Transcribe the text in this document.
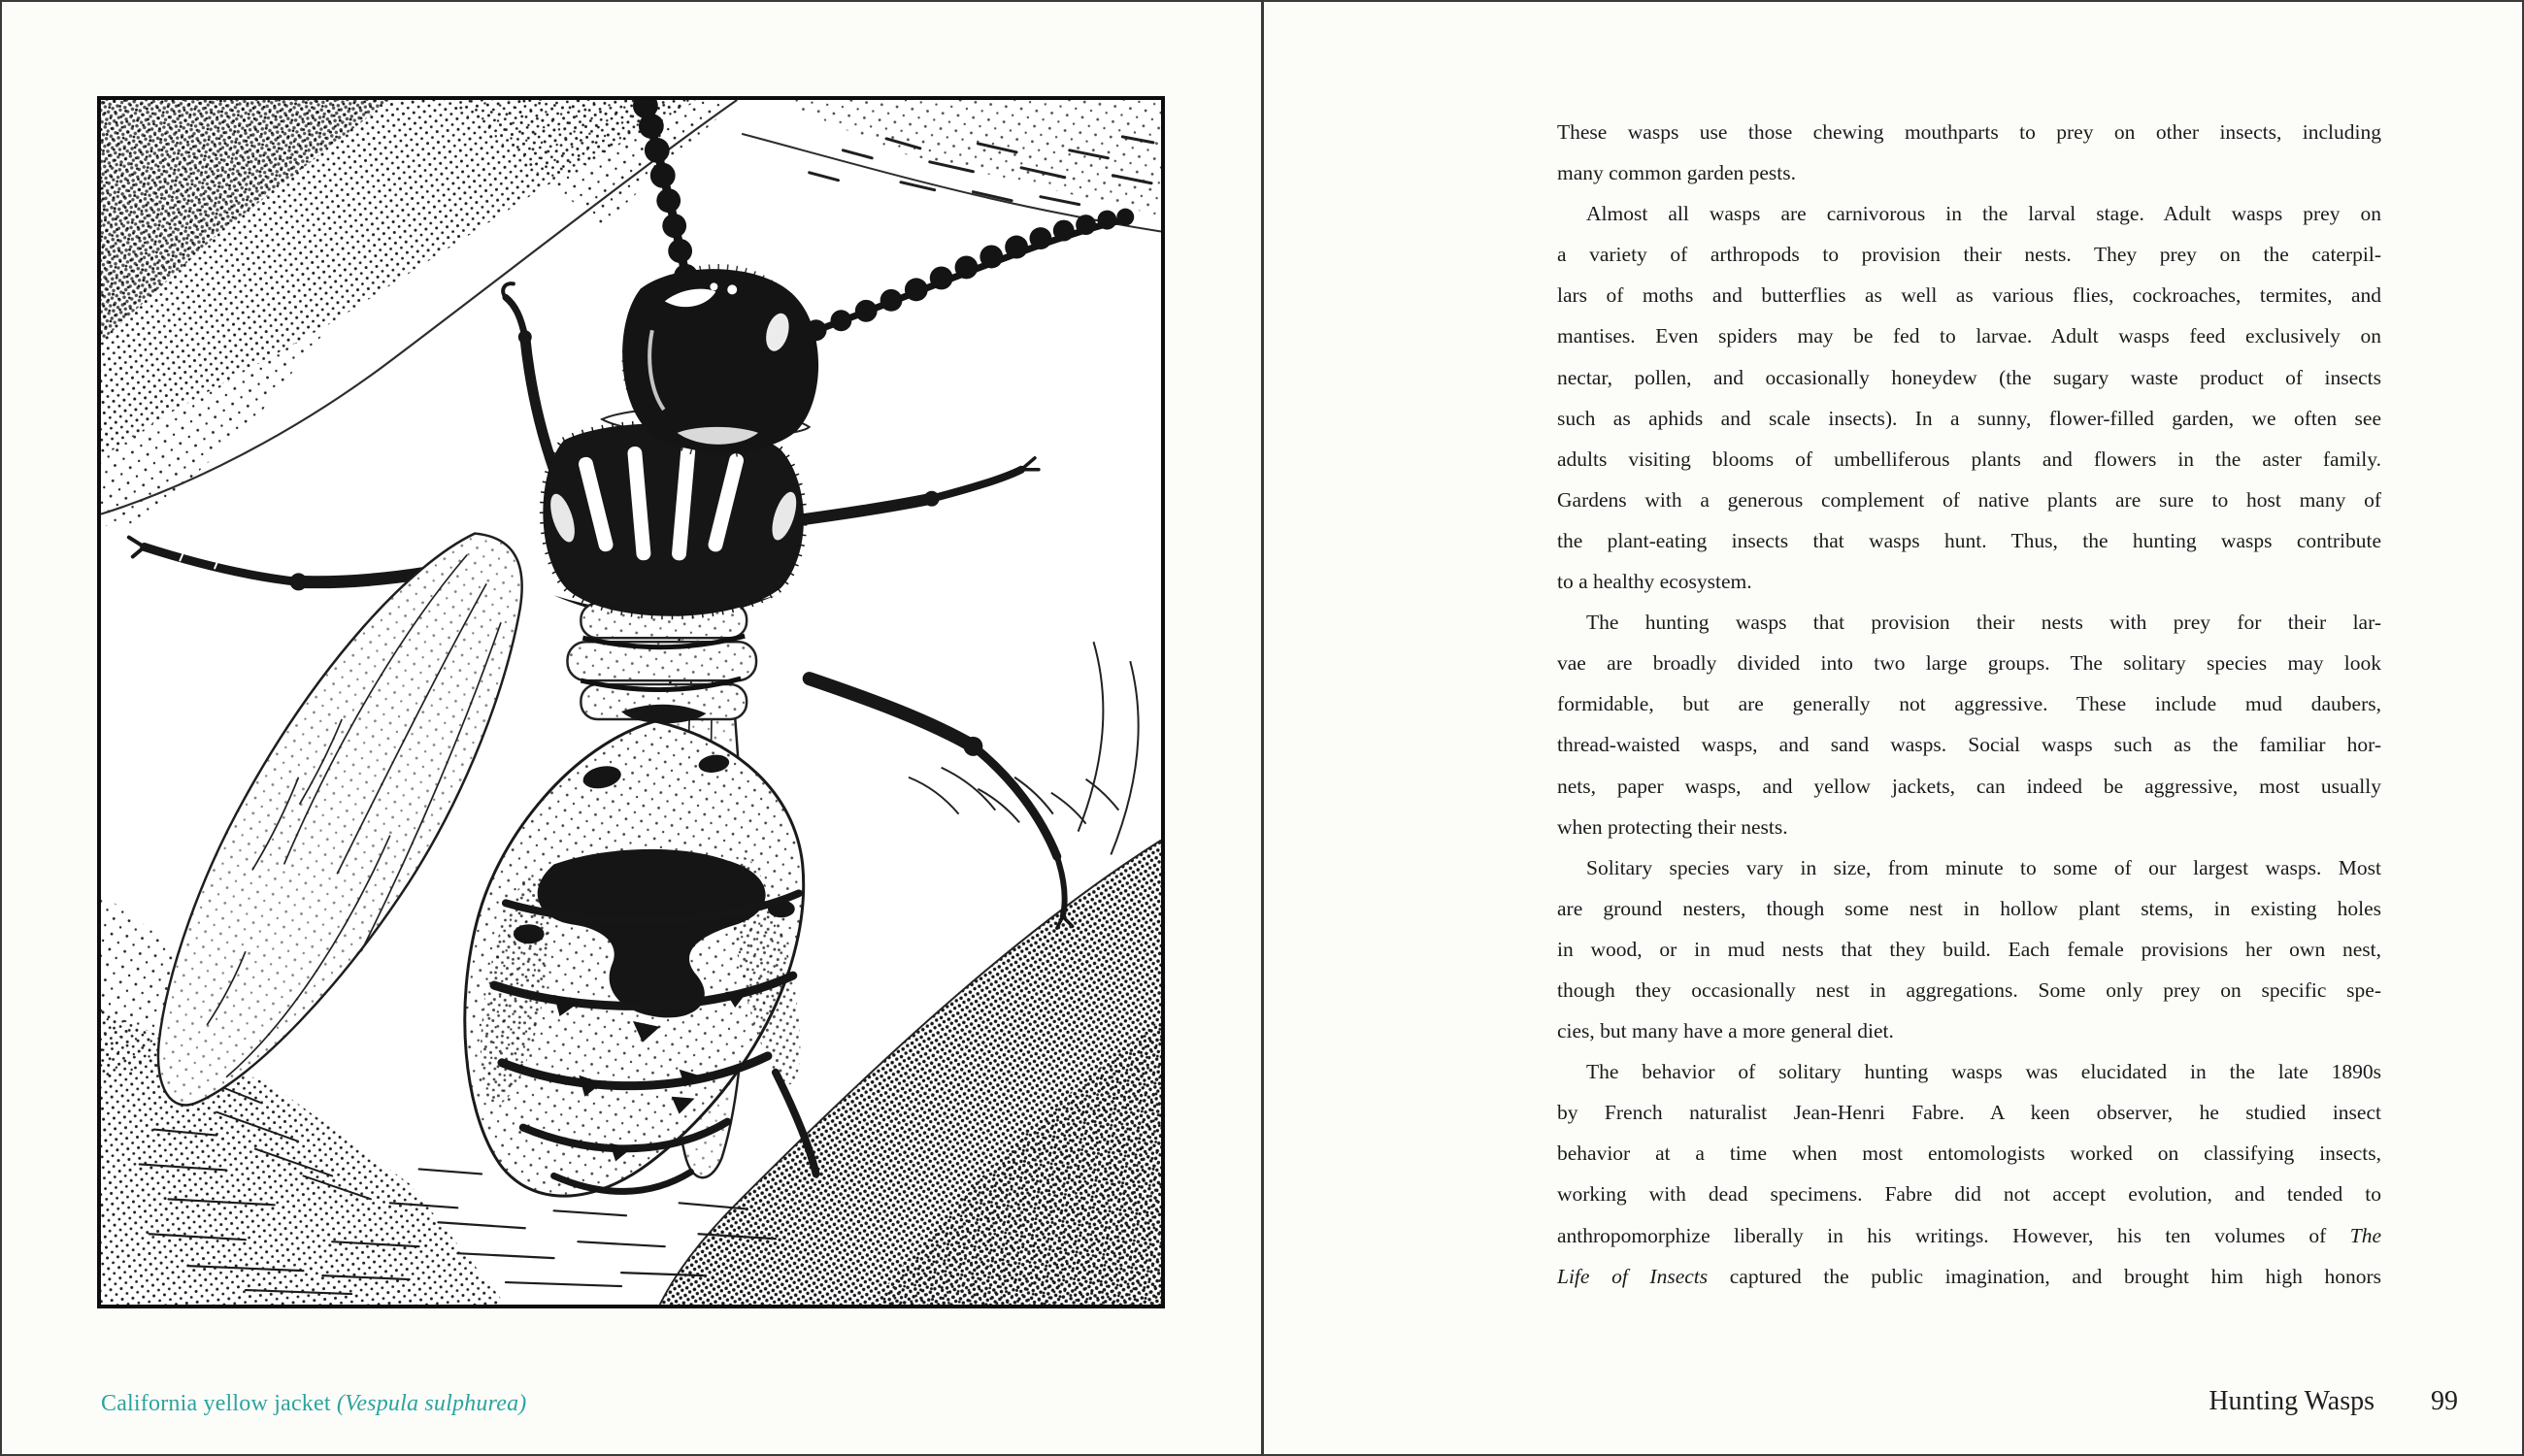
California yellow jacket (Vespula sulphurea)
These wasps use those chewing mouthparts to prey on other insects, including
many common garden pests.
Almost all wasps are carnivorous in the larval stage. Adult wasps prey on
a variety of arthropods to provision their nests. They prey on the caterpil-
lars of moths and butterflies as well as various flies, cockroaches, termites, and
mantises. Even spiders may be fed to larvae. Adult wasps feed exclusively on
nectar, pollen, and occasionally honeydew (the sugary waste product of insects
such as aphids and scale insects). In a sunny, flower-filled garden, we often see
adults visiting blooms of umbelliferous plants and flowers in the aster family.
Gardens with a generous complement of native plants are sure to host many of
the plant-eating insects that wasps hunt. Thus, the hunting wasps contribute
to a healthy ecosystem.
The hunting wasps that provision their nests with prey for their lar-
vae are broadly divided into two large groups. The solitary species may look
formidable, but are generally not aggressive. These include mud daubers,
thread-waisted wasps, and sand wasps. Social wasps such as the familiar hor-
nets, paper wasps, and yellow jackets, can indeed be aggressive, most usually
when protecting their nests.
Solitary species vary in size, from minute to some of our largest wasps. Most
are ground nesters, though some nest in hollow plant stems, in existing holes
in wood, or in mud nests that they build. Each female provisions her own nest,
though they occasionally nest in aggregations. Some only prey on specific spe-
cies, but many have a more general diet.
The behavior of solitary hunting wasps was elucidated in the late 1890s
by French naturalist Jean-Henri Fabre. A keen observer, he studied insect
behavior at a time when most entomologists worked on classifying insects,
working with dead specimens. Fabre did not accept evolution, and tended to
anthropomorphize liberally in his writings. However, his ten volumes of The
Life of Insects captured the public imagination, and brought him high honors
Hunting Wasps 99
